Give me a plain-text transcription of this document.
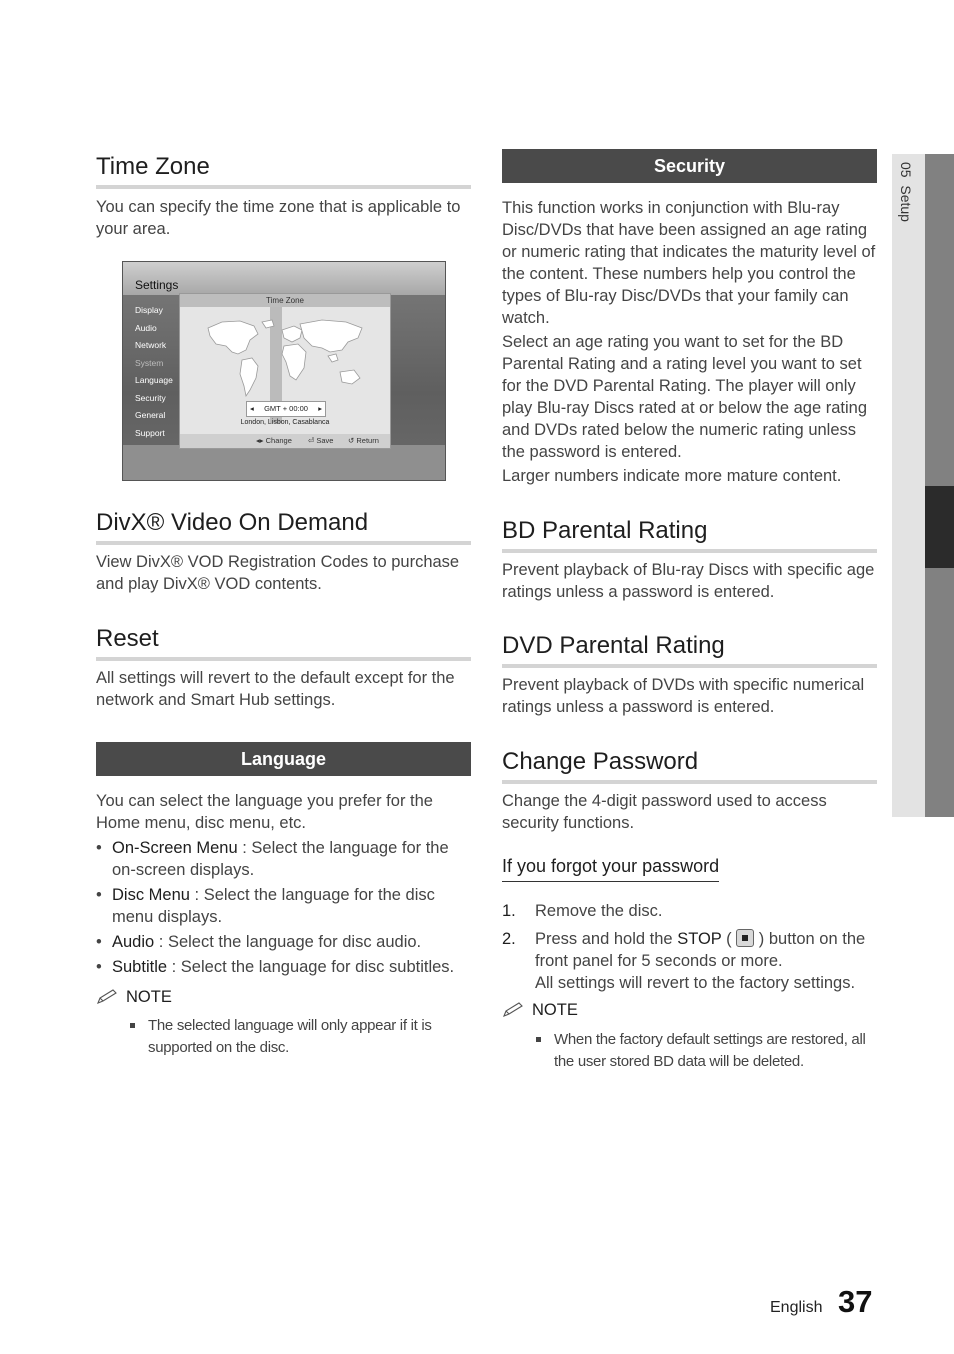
Time Zone

You can specify the time zone that is applicable to your area.

Settings
Display
Audio
Network
System
Language
Security
General
Support
Time Zone
◂ GMT + 00:00 ▸
London, Lisbon, Casablanca
◂▸ Change ⏎ Save ↺ Return
DivX® Video On Demand

View DivX® VOD Registration Codes to purchase and play DivX® VOD contents.

Reset

All settings will revert to the default except for the network and Smart Hub settings.

Language

You can select the language you prefer for the Home menu, disc menu, etc.

• On-Screen Menu : Select the language for the on-screen displays.
• Disc Menu : Select the language for the disc menu displays.
• Audio : Select the language for disc audio.
• Subtitle : Select the language for disc subtitles.
NOTE
The selected language will only appear if it is supported on the disc.
Security

This function works in conjunction with Blu-ray Disc/DVDs that have been assigned an age rating or numeric rating that indicates the maturity level of the content. These numbers help you control the types of Blu-ray Disc/DVDs that your family can watch.

Select an age rating you want to set for the BD Parental Rating and a rating level you want to set for the DVD Parental Rating. The player will only play Blu-ray Discs rated at or below the age rating and DVDs rated below the numeric rating unless the password is entered.

Larger numbers indicate more mature content.

BD Parental Rating

Prevent playback of Blu-ray Discs with specific age ratings unless a password is entered.

DVD Parental Rating

Prevent playback of DVDs with specific numerical ratings unless a password is entered.

Change Password

Change the 4-digit password used to access security functions.

If you forgot your password
1.	Remove the disc.
2.	Press and hold the STOP (  ) button on the front panel for 5 seconds or more.
All settings will revert to the factory settings.
NOTE
When the factory default settings are restored, all the user stored BD data will be deleted.
05  Setup
English 37
